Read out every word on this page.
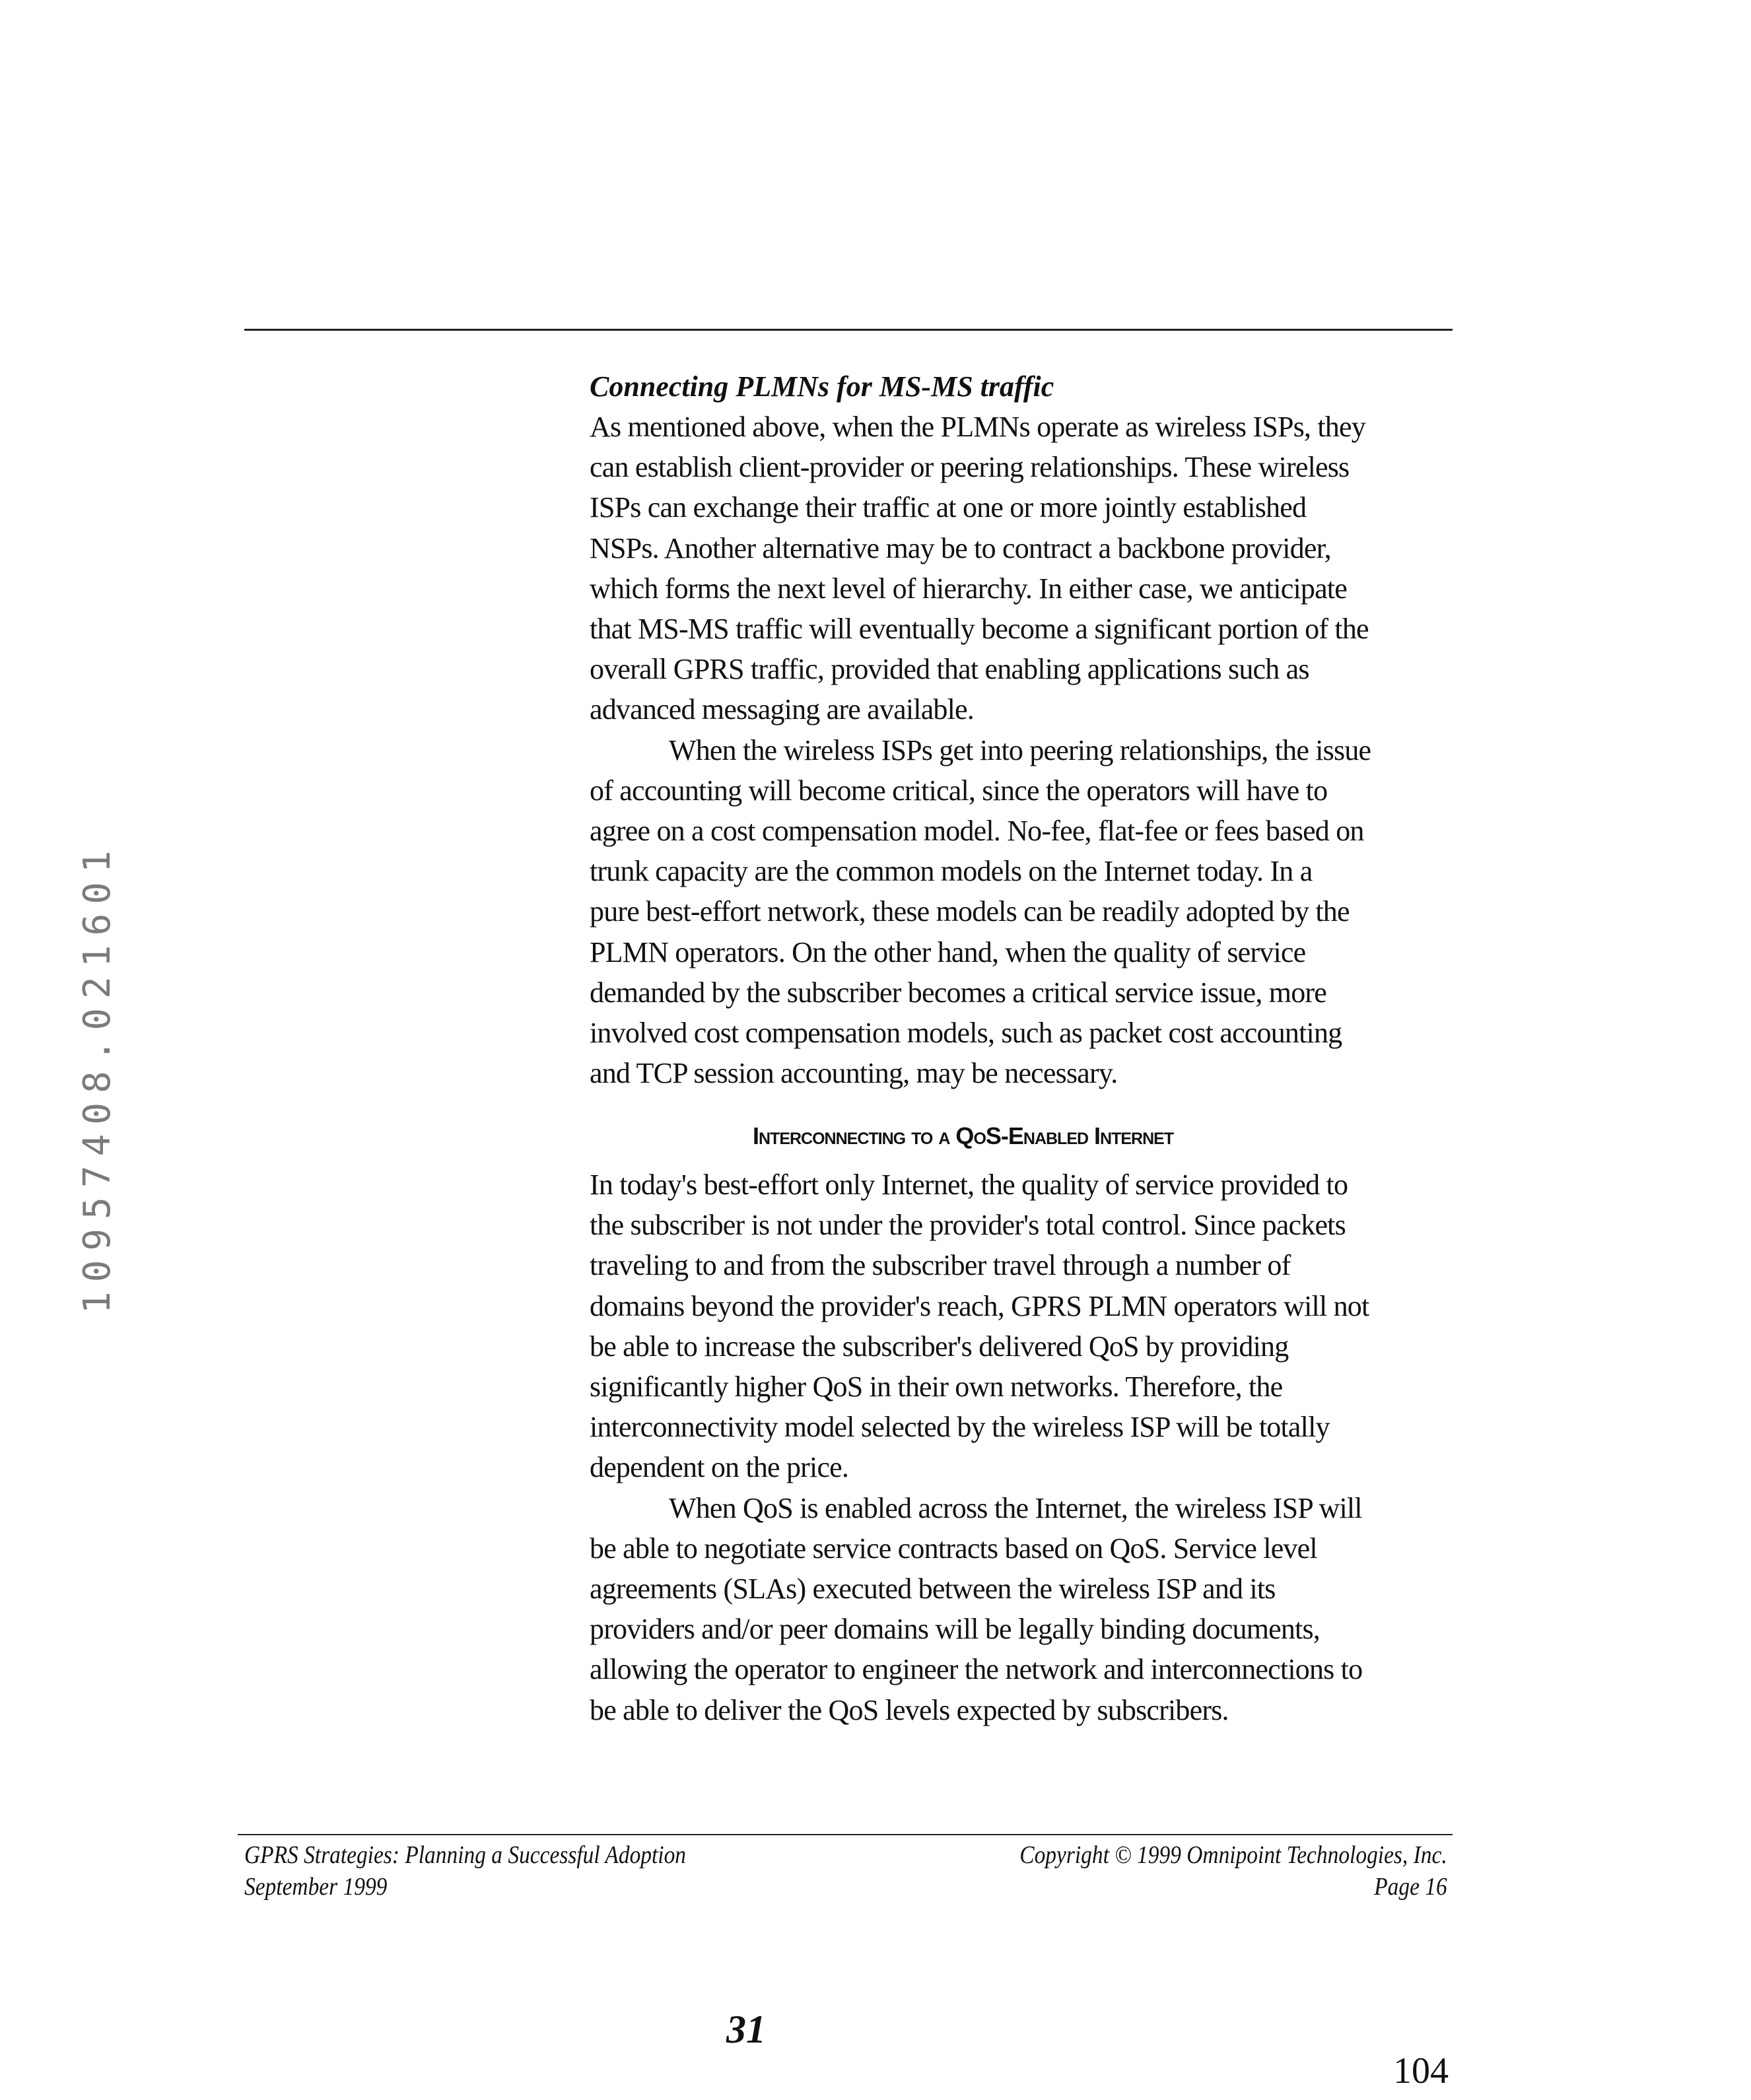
Connecting PLMNs for MS-MS traffic
As mentioned above, when the PLMNs operate as wireless ISPs, they
can establish client-provider or peering relationships. These wireless
ISPs can exchange their traffic at one or more jointly established
NSPs. Another alternative may be to contract a backbone provider,
which forms the next level of hierarchy. In either case, we anticipate
that MS-MS traffic will eventually become a significant portion of the
overall GPRS traffic, provided that enabling applications such as
advanced messaging are available.
When the wireless ISPs get into peering relationships, the issue
of accounting will become critical, since the operators will have to
agree on a cost compensation model. No-fee, flat-fee or fees based on
trunk capacity are the common models on the Internet today. In a
pure best-effort network, these models can be readily adopted by the
PLMN operators. On the other hand, when the quality of service
demanded by the subscriber becomes a critical service issue, more
involved cost compensation models, such as packet cost accounting
and TCP session accounting, may be necessary.
Interconnecting to a QoS-Enabled Internet
In today's best-effort only Internet, the quality of service provided to
the subscriber is not under the provider's total control. Since packets
traveling to and from the subscriber travel through a number of
domains beyond the provider's reach, GPRS PLMN operators will not
be able to increase the subscriber's delivered QoS by providing
significantly higher QoS in their own networks. Therefore, the
interconnectivity model selected by the wireless ISP will be totally
dependent on the price.
When QoS is enabled across the Internet, the wireless ISP will
be able to negotiate service contracts based on QoS. Service level
agreements (SLAs) executed between the wireless ISP and its
providers and/or peer domains will be legally binding documents,
allowing the operator to engineer the network and interconnections to
be able to deliver the QoS levels expected by subscribers.
GPRS Strategies: Planning a Successful Adoption
September 1999
Copyright © 1999 Omnipoint Technologies, Inc.
Page 16
10957408.021601
31
104
